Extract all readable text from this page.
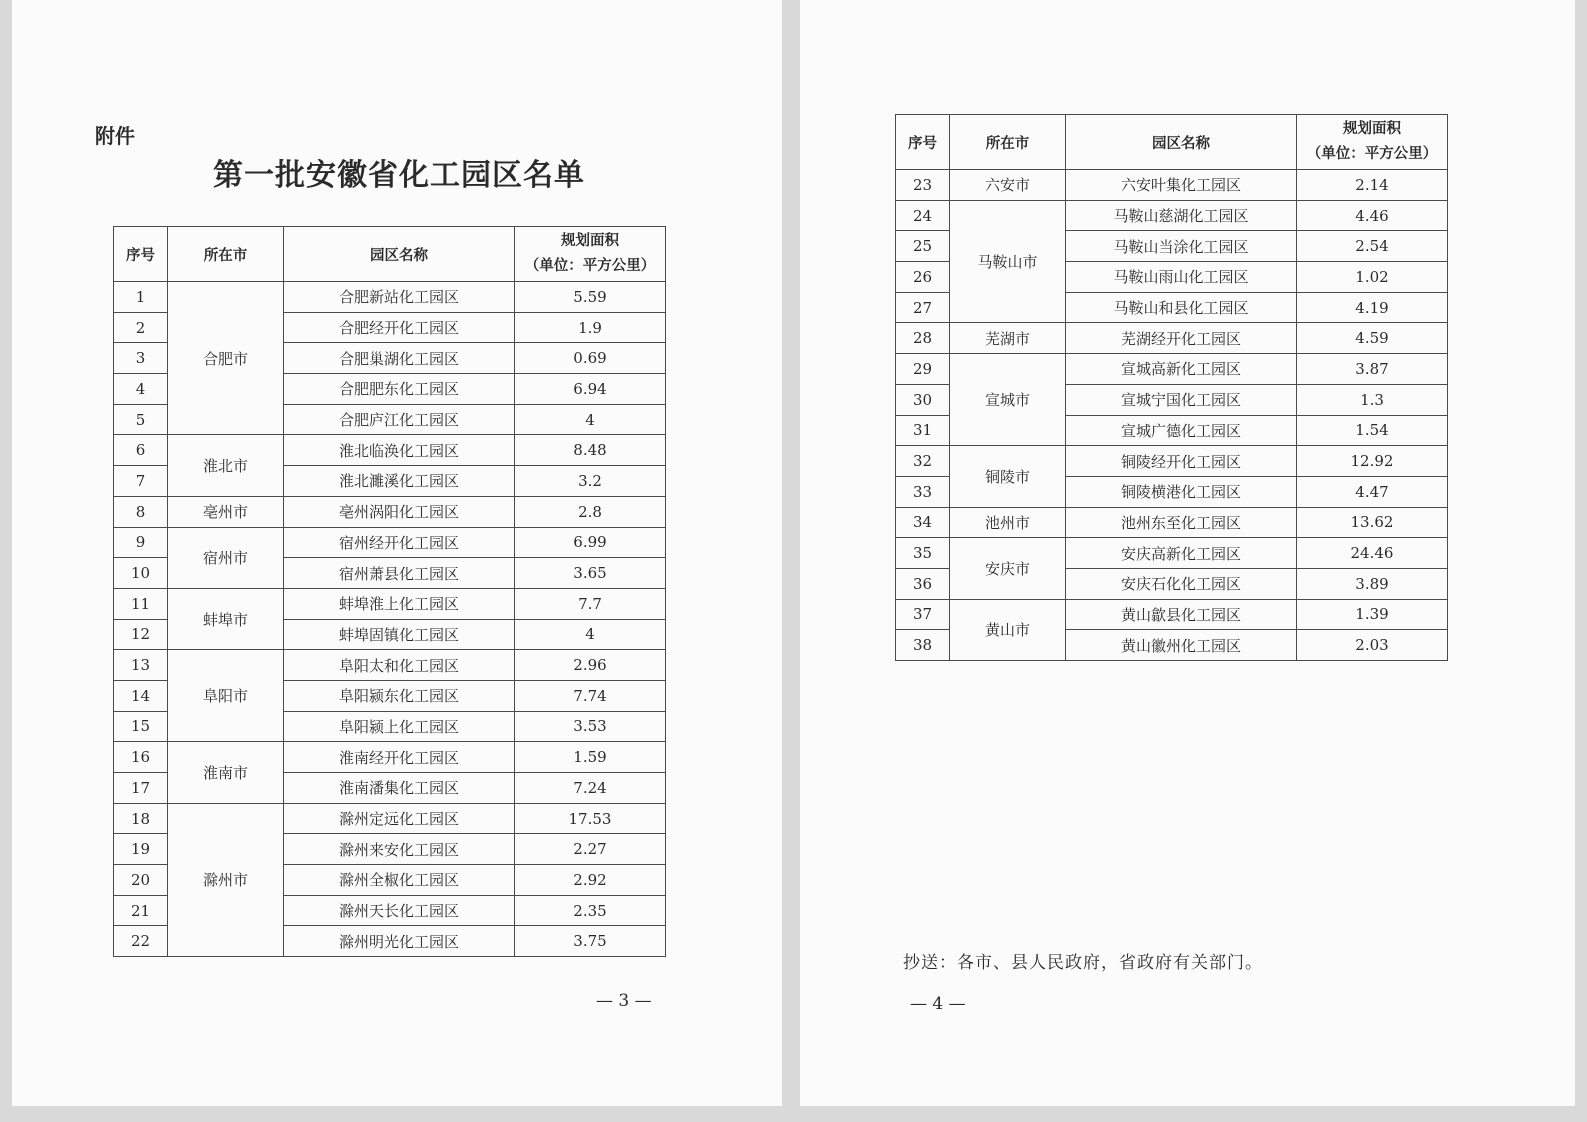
附件
第一批安徽省化工园区名单
序号	所在市	园区名称	规划面积
（单位：平方公里）

1	合肥市	合肥新站化工园区	5.59
2		合肥经开化工园区	1.9
3		合肥巢湖化工园区	0.69
4		合肥肥东化工园区	6.94
5		合肥庐江化工园区	4
6	淮北市	淮北临涣化工园区	8.48
7		淮北濉溪化工园区	3.2
8	亳州市	亳州涡阳化工园区	2.8
9	宿州市	宿州经开化工园区	6.99
10		宿州萧县化工园区	3.65
11	蚌埠市	蚌埠淮上化工园区	7.7
12		蚌埠固镇化工园区	4
13	阜阳市	阜阳太和化工园区	2.96
14		阜阳颍东化工园区	7.74
15		阜阳颍上化工园区	3.53
16	淮南市	淮南经开化工园区	1.59
17		淮南潘集化工园区	7.24
18	滁州市	滁州定远化工园区	17.53
19		滁州来安化工园区	2.27
20		滁州全椒化工园区	2.92
21		滁州天长化工园区	2.35
22		滁州明光化工园区	3.75
序号	所在市	园区名称	规划面积
（单位：平方公里）

23	六安市	六安叶集化工园区	2.14
24	马鞍山市	马鞍山慈湖化工园区	4.46
25		马鞍山当涂化工园区	2.54
26		马鞍山雨山化工园区	1.02
27		马鞍山和县化工园区	4.19
28	芜湖市	芜湖经开化工园区	4.59
29	宣城市	宣城高新化工园区	3.87
30		宣城宁国化工园区	1.3
31		宣城广德化工园区	1.54
32	铜陵市	铜陵经开化工园区	12.92
33		铜陵横港化工园区	4.47
34	池州市	池州东至化工园区	13.62
35	安庆市	安庆高新化工园区	24.46
36		安庆石化化工园区	3.89
37	黄山市	黄山歙县化工园区	1.39
38		黄山徽州化工园区	2.03
抄送：各市、县人民政府，省政府有关部门。
— 3 —	— 4 —
